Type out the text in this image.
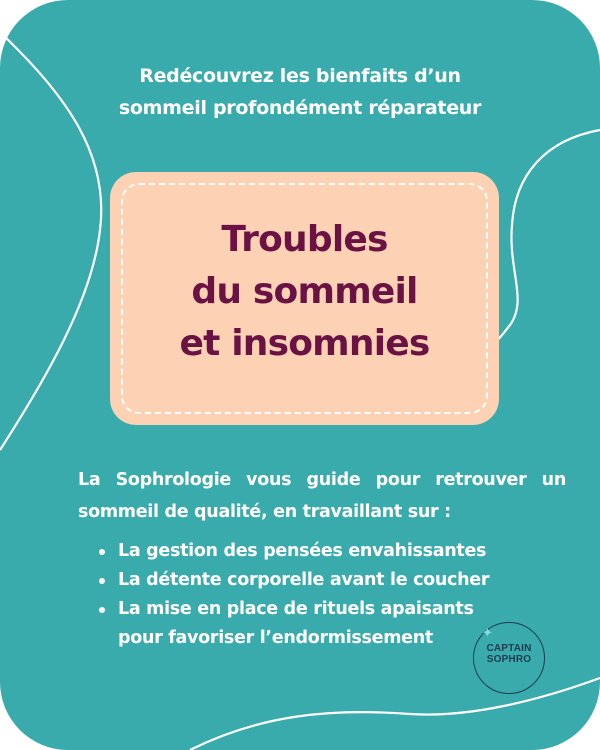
Redécouvrez les bienfaits d’un
sommeil profondément réparateur
Troubles
du sommeil
et insomnies
La Sophrologie vous guide pour retrouver un sommeil de qualité, en travaillant sur :
La gestion des pensées envahissantes
La détente corporelle avant le coucher
La mise en place de rituels apaisants
pour favoriser l’endormissement	✦
CAPTAIN
SOPHRO
